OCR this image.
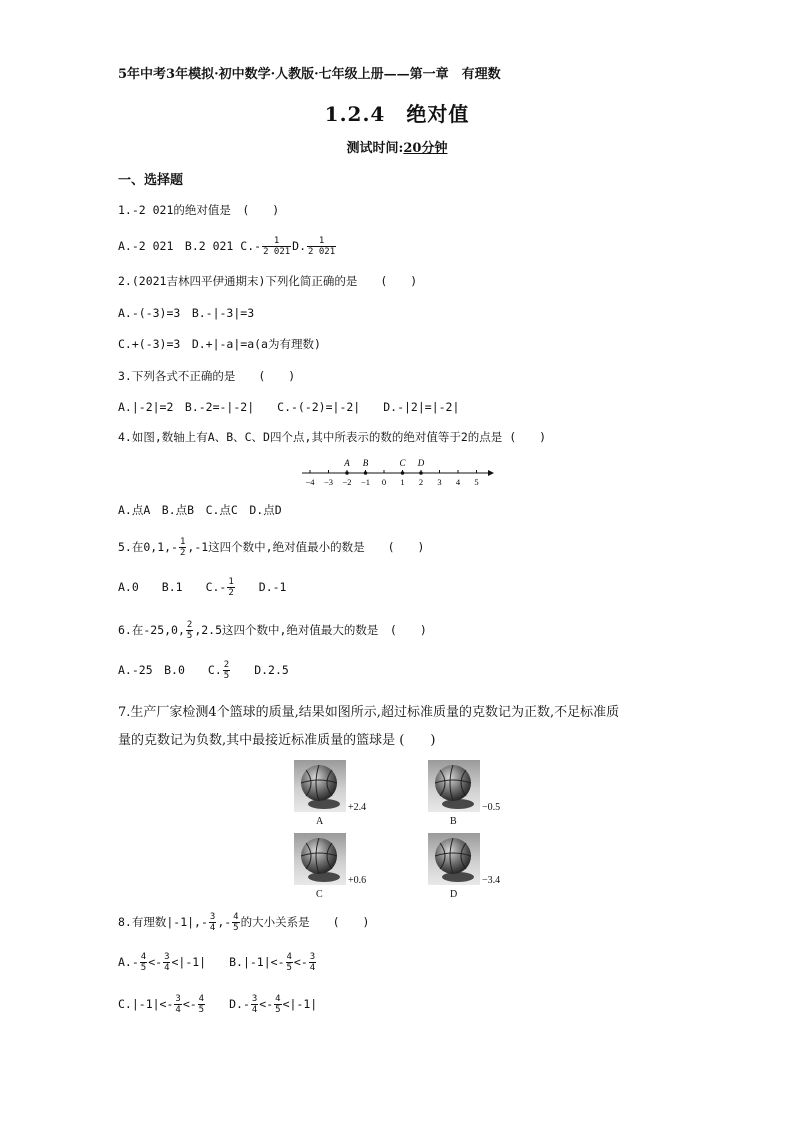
5年中考3年模拟·初中数学·人教版·七年级上册——第一章　有理数
1.2.4　绝对值
测试时间:20分钟
一、选择题
1.-2 021的绝对值是　(　　)
A.-2 021　 B.2 021 $C.- \frac{1}{2 021} D$. $\frac{1}{2 021}$
2.(2021吉林四平伊通期末)下列化简正确的是　　(　　)
A.-(-3)=3　 B.-|-3|=3
C.+(-3)=3　 D.+|-a|=a(a为有理数)
3.下列各式不正确的是　　(　　)
A.|-2|=2　 B.-2=-|-2|　　 C.-(-2)=|-2|　　 D.-|2|=|-2|
4.如图,数轴上有A、B、C、D四个点,其中所表示的数的绝对值等于2的点是 (　　)
−4 −3 −2 −1 0 1 2 3 4 5
A B	C D
A.点A　 B.点B　 C.点C　 D.点D
5.在$0,1,- \frac{1}{2} ,-1$这四个数中,绝对值最小的数是　　(　　)
A.0　　 B.1　　 $C.- \frac{1}{2}$
　　 D.-1
6.在-25,0, $\frac{2}{5} ,2.5$这四个数中,绝对值最大的数是　(　　)
A.-25　 B.0　　 C. $\frac{2}{5}$
　　 D.2.5
7.生产厂家检测4个篮球的质量,结果如图所示,超过标准质量的克数记为正数,不足标准质
量的克数记为负数,其中最接近标准质量的篮球是 (　　)
+2.4
A
−0.5
B
+0.6
C
−3.4
D
8.有理数$|-1|,- \frac{3}{4}$ ,- $\frac{4}{5}$ 的大小关系是　　(　　)
$A.- \frac{4}{5} <- \frac{3}{4} <|-1|$　　 $B.|-1|<- \frac{4}{5} <- \frac{3}{4}$
$C.|-1|<- \frac{3}{4} <- \frac{4}{5}$
　　 $D.- \frac{3}{4} <- \frac{4}{5} <|-1|$
